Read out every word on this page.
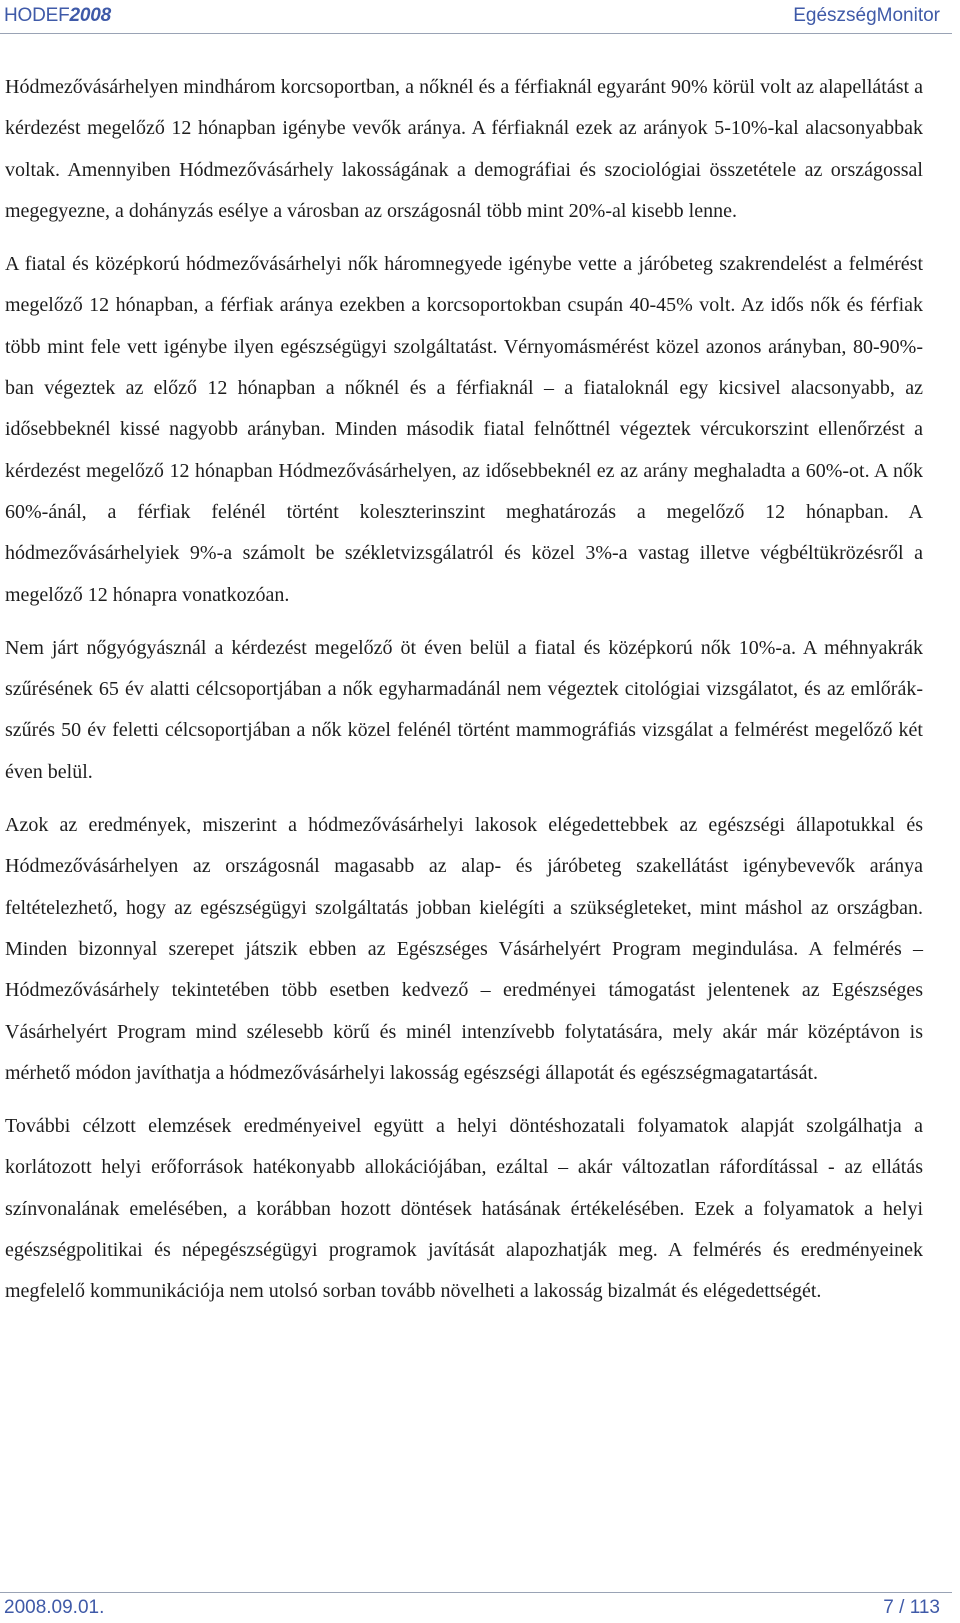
HODEF2008	EgészségMonitor

Hódmezővásárhelyen mindhárom korcsoportban, a nőknél és a férfiaknál egyaránt 90% körül volt az alapellátást a kérdezést megelőző 12 hónapban igénybe vevők aránya. A férfiaknál ezek az arányok 5-10%-kal alacsonyabbak voltak. Amennyiben Hódmezővásárhely lakosságának a demográfiai és szociológiai összetétele az országossal megegyezne, a dohányzás esélye a városban az országosnál több mint 20%-al kisebb lenne.

A fiatal és középkorú hódmezővásárhelyi nők háromnegyede igénybe vette a járóbeteg szakrendelést a felmérést megelőző 12 hónapban, a férfiak aránya ezekben a korcsoportokban csupán 40-45% volt. Az idős nők és férfiak több mint fele vett igénybe ilyen egészségügyi szolgáltatást. Vérnyomásmérést közel azonos arányban, 80-90%-ban végeztek az előző 12 hónapban a nőknél és a férfiaknál – a fiataloknál egy kicsivel alacsonyabb, az idősebbeknél kissé nagyobb arányban. Minden második fiatal felnőttnél végeztek vércukorszint ellenőrzést a kérdezést megelőző 12 hónapban Hódmezővásárhelyen, az idősebbeknél ez az arány meghaladta a 60%-ot. A nők 60%-ánál, a férfiak felénél történt koleszterinszint meghatározás a megelőző 12 hónapban. A hódmezővásárhelyiek 9%-a számolt be székletvizsgálatról és közel 3%-a vastag illetve végbéltükrözésről a megelőző 12 hónapra vonatkozóan.

Nem járt nőgyógyásznál a kérdezést megelőző öt éven belül a fiatal és középkorú nők 10%-a. A méhnyakrák szűrésének 65 év alatti célcsoportjában a nők egyharmadánál nem végeztek citológiai vizsgálatot, és az emlőrák-szűrés 50 év feletti célcsoportjában a nők közel felénél történt mammográfiás vizsgálat a felmérést megelőző két éven belül.

Azok az eredmények, miszerint a hódmezővásárhelyi lakosok elégedettebbek az egészségi állapotukkal és Hódmezővásárhelyen az országosnál magasabb az alap- és járóbeteg szakellátást igénybevevők aránya feltételezhető, hogy az egészségügyi szolgáltatás jobban kielégíti a szükségleteket, mint máshol az országban. Minden bizonnyal szerepet játszik ebben az Egészséges Vásárhelyért Program megindulása. A felmérés – Hódmezővásárhely tekintetében több esetben kedvező – eredményei támogatást jelentenek az Egészséges Vásárhelyért Program mind szélesebb körű és minél intenzívebb folytatására, mely akár már középtávon is mérhető módon javíthatja a hódmezővásárhelyi lakosság egészségi állapotát és egészségmagatartását.

További célzott elemzések eredményeivel együtt a helyi döntéshozatali folyamatok alapját szolgálhatja a korlátozott helyi erőforrások hatékonyabb allokációjában, ezáltal – akár változatlan ráfordítással - az ellátás színvonalának emelésében, a korábban hozott döntések hatásának értékelésében. Ezek a folyamatok a helyi egészségpolitikai és népegészségügyi programok javítását alapozhatják meg. A felmérés és eredményeinek megfelelő kommunikációja nem utolsó sorban tovább növelheti a lakosság bizalmát és elégedettségét.

2008.09.01.	7 / 113
